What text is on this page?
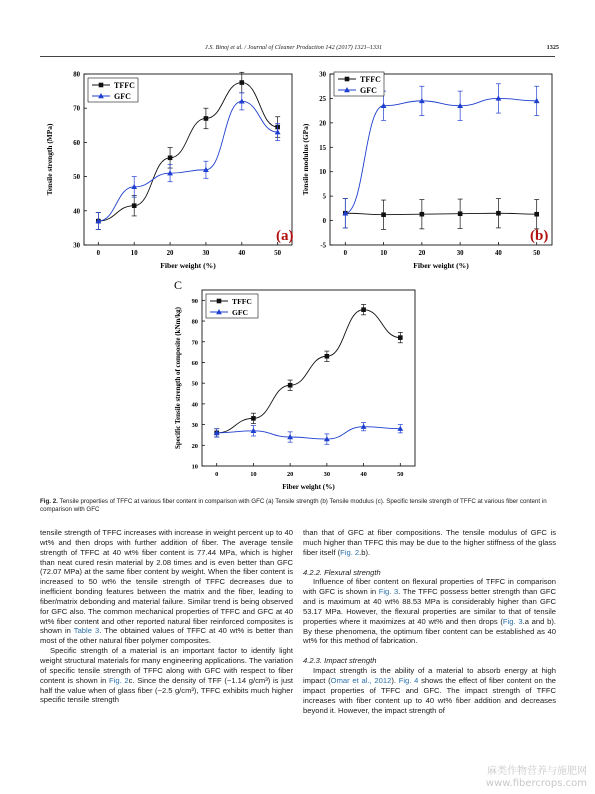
J.S. Binoj et al. / Journal of Cleaner Production 142 (2017) 1321–1331	1325
0	10	20	30	40	50
30
40
50
60
70
80
Fiber weight (%)
Tensile strength (MPa)
TFFC
GFC
(a)
0	10	20	30	40	50
-5
0
5
10
15
20
25
30
Fiber weight (%)
Tensile modulus (GPa)
TFFC
GFC
(b)
0	10	20	30	40	50
10
20
30
40
50
60
70
80
90
Fiber weight (%)
Specific Tensile strength of composite (kNm/kg)
TFFC
GFC
C
Fig. 2. Tensile properties of TFFC at various fiber content in comparison with GFC (a) Tensile strength (b) Tensile modulus (c). Specific tensile strength of TFFC at various fiber content in comparison with GFC

tensile strength of TFFC increases with increase in weight percent up to 40 wt% and then drops with further addition of fiber. The average tensile strength of TFFC at 40 wt% fiber content is 77.44 MPa, which is higher than neat cured resin material by 2.08 times and is even better than GFC (72.07 MPa) at the same fiber content by weight. When the fiber content is increased to 50 wt% the tensile strength of TFFC decreases due to inefficient bonding features between the matrix and the fiber, leading to fiber/matrix debonding and material failure. Similar trend is being observed for GFC also. The common mechanical properties of TFFC and GFC at 40 wt% fiber content and other reported natural fiber reinforced composites is shown in Table 3. The obtained values of TFFC at 40 wt% is better than most of the other natural fiber polymer composites.

Specific strength of a material is an important factor to identify light weight structural materials for many engineering applications. The variation of specific tensile strength of TFFC along with GFC with respect to fiber content is shown in Fig. 2c. Since the density of TFF (~1.14 g/cm³) is just half the value when of glass fiber (~2.5 g/cm³), TFFC exhibits much higher specific tensile strength

than that of GFC at fiber compositions. The tensile modulus of GFC is much higher than TFFC this may be due to the higher stiffness of the glass fiber itself (Fig. 2.b).

4.2.2. Flexural strength

Influence of fiber content on flexural properties of TFFC in comparison with GFC is shown in Fig. 3. The TFFC possess better strength than GFC and is maximum at 40 wt% 88.53 MPa is considerably higher than GFC 53.17 MPa. However, the flexural properties are similar to that of tensile properties where it maximizes at 40 wt% and then drops (Fig. 3.a and b). By these phenomena, the optimum fiber content can be established as 40 wt% for this method of fabrication.

4.2.3. Impact strength

Impact strength is the ability of a material to absorb energy at high impact (Omar et al., 2012). Fig. 4 shows the effect of fiber content on the impact properties of TFFC and GFC. The impact strength of TFFC increases with fiber content up to 40 wt% fiber addition and decreases beyond it. However, the impact strength of

麻类作物营养与施肥网
www.fibercrops.com
